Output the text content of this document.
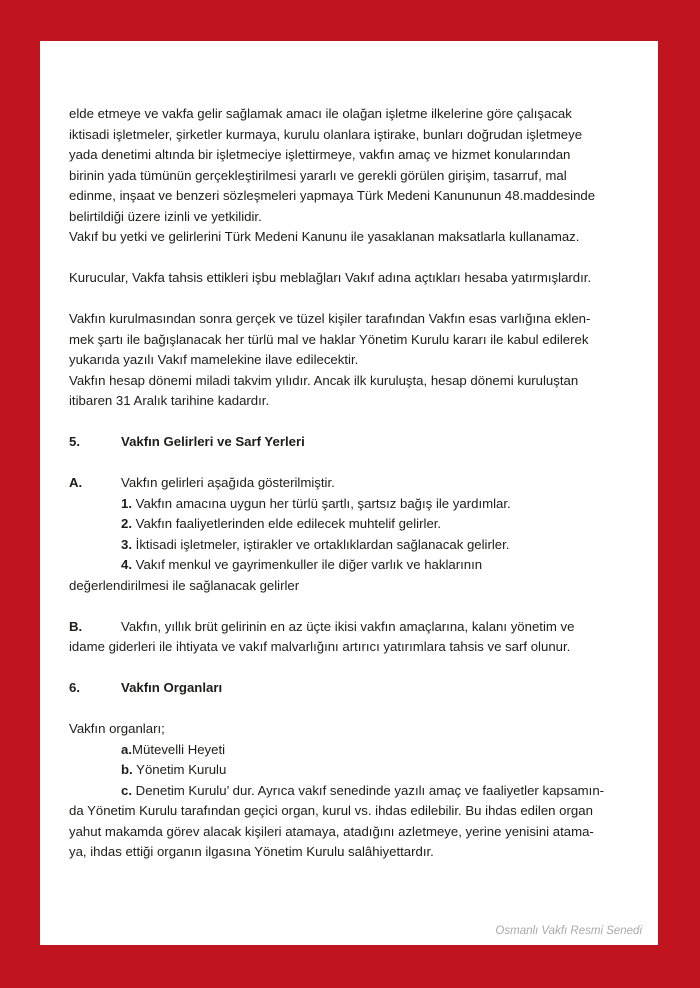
elde etmeye ve vakfa gelir sağlamak amacı ile olağan işletme ilkelerine göre çalışacak

iktisadi işletmeler, şirketler kurmaya, kurulu olanlara iştirake, bunları doğrudan işletmeye

yada denetimi altında bir işletmeciye işlettirmeye, vakfın amaç ve hizmet konularından

birinin yada tümünün gerçekleştirilmesi yararlı ve gerekli görülen girişim, tasarruf, mal

edinme, inşaat ve benzeri sözleşmeleri yapmaya Türk Medeni Kanununun 48.maddesinde

belirtildiği üzere izinli ve yetkilidir.

Vakıf bu yetki ve gelirlerini Türk Medeni Kanunu ile yasaklanan maksatlarla kullanamaz.

Kurucular, Vakfa tahsis ettikleri işbu meblağları Vakıf adına açtıkları hesaba yatırmışlardır.

Vakfın kurulmasından sonra gerçek ve tüzel kişiler tarafından Vakfın esas varlığına eklen-

mek şartı ile bağışlanacak her türlü mal ve haklar Yönetim Kurulu kararı ile kabul edilerek

yukarıda yazılı Vakıf mamelekine ilave edilecektir.

Vakfın hesap dönemi miladi takvim yılıdır. Ancak ilk kuruluşta, hesap dönemi kuruluştan

itibaren 31 Aralık tarihine kadardır.

5.	Vakfın Gelirleri ve Sarf Yerleri

A.	Vakfın gelirleri aşağıda gösterilmiştir.

1. Vakfın amacına uygun her türlü şartlı, şartsız bağış ile yardımlar.

2. Vakfın faaliyetlerinden elde edilecek muhtelif gelirler.

3. İktisadi işletmeler, iştirakler ve ortaklıklardan sağlanacak gelirler.

4. Vakıf menkul ve gayrimenkuller ile diğer varlık ve haklarının

değerlendirilmesi ile sağlanacak gelirler

B.	Vakfın, yıllık brüt gelirinin en az üçte ikisi vakfın amaçlarına, kalanı yönetim ve

idame giderleri ile ihtiyata ve vakıf malvarlığını artırıcı yatırımlara tahsis ve sarf olunur.

6.	Vakfın Organları

Vakfın organları;

a.Mütevelli Heyeti

b. Yönetim Kurulu

c. Denetim Kurulu’ dur. Ayrıca vakıf senedinde yazılı amaç ve faaliyetler kapsamın-

da Yönetim Kurulu tarafından geçici organ, kurul vs. ihdas edilebilir. Bu ihdas edilen organ

yahut makamda görev alacak kişileri atamaya, atadığını azletmeye, yerine yenisini atama-

ya, ihdas ettiği organın ilgasına Yönetim Kurulu salâhiyettardır.

Osmanlı Vakfı Resmi Senedi
